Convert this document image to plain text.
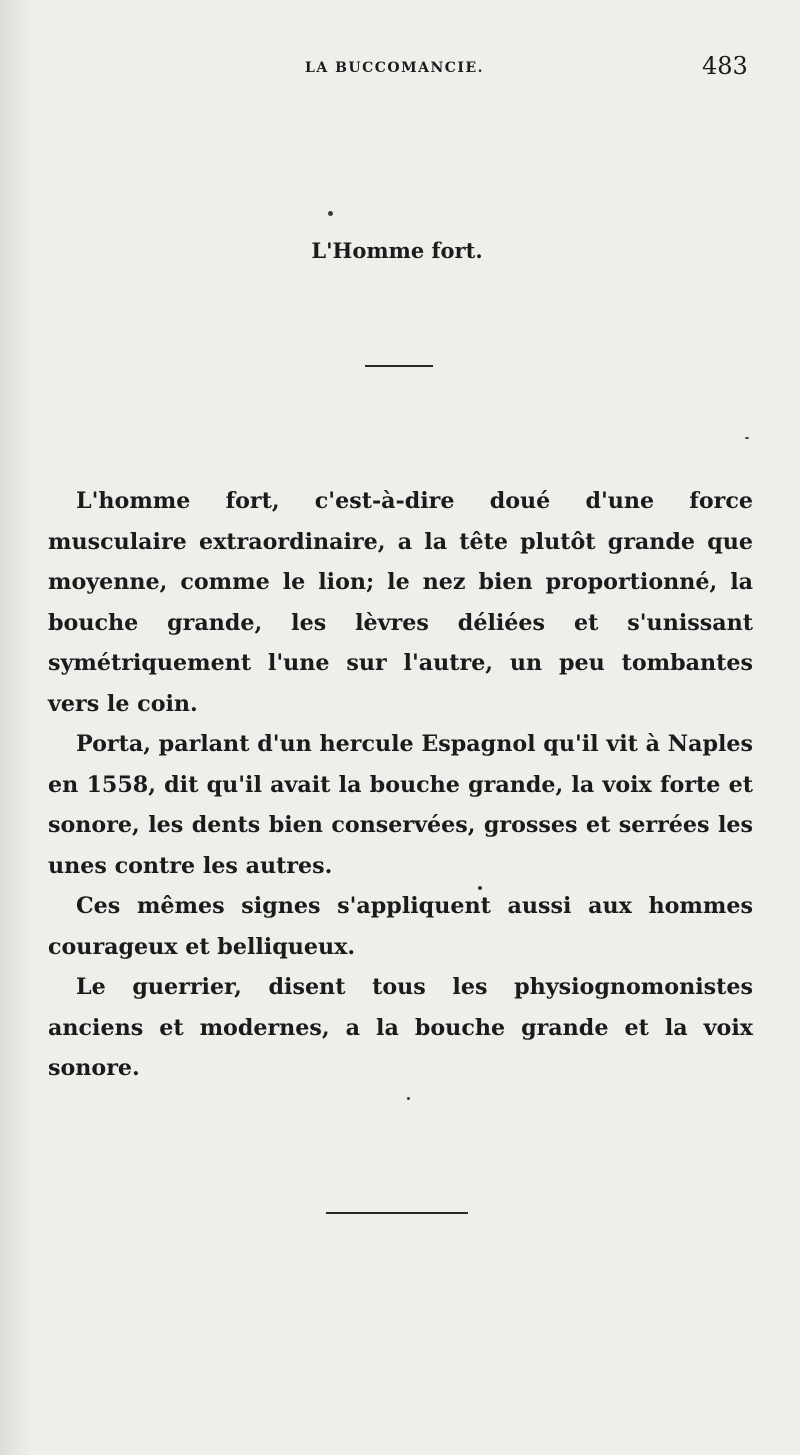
LA BUCCOMANCIE.	483
L'Homme fort.

L'homme fort, c'est-à-dire doué d'une force musculaire extraordinaire, a la tête plutôt grande que moyenne, comme le lion; le nez bien proportionné, la bouche grande, les lèvres déliées et s'unissant symétriquement l'une sur l'autre, un peu tombantes vers le coin.

Porta, parlant d'un hercule Espagnol qu'il vit à Naples en 1558, dit qu'il avait la bouche grande, la voix forte et sonore, les dents bien conservées, grosses et serrées les unes contre les autres.

Ces mêmes signes s'appliquent aussi aux hommes courageux et belliqueux.

Le guerrier, disent tous les physiognomonistes anciens et modernes, a la bouche grande et la voix sonore.
